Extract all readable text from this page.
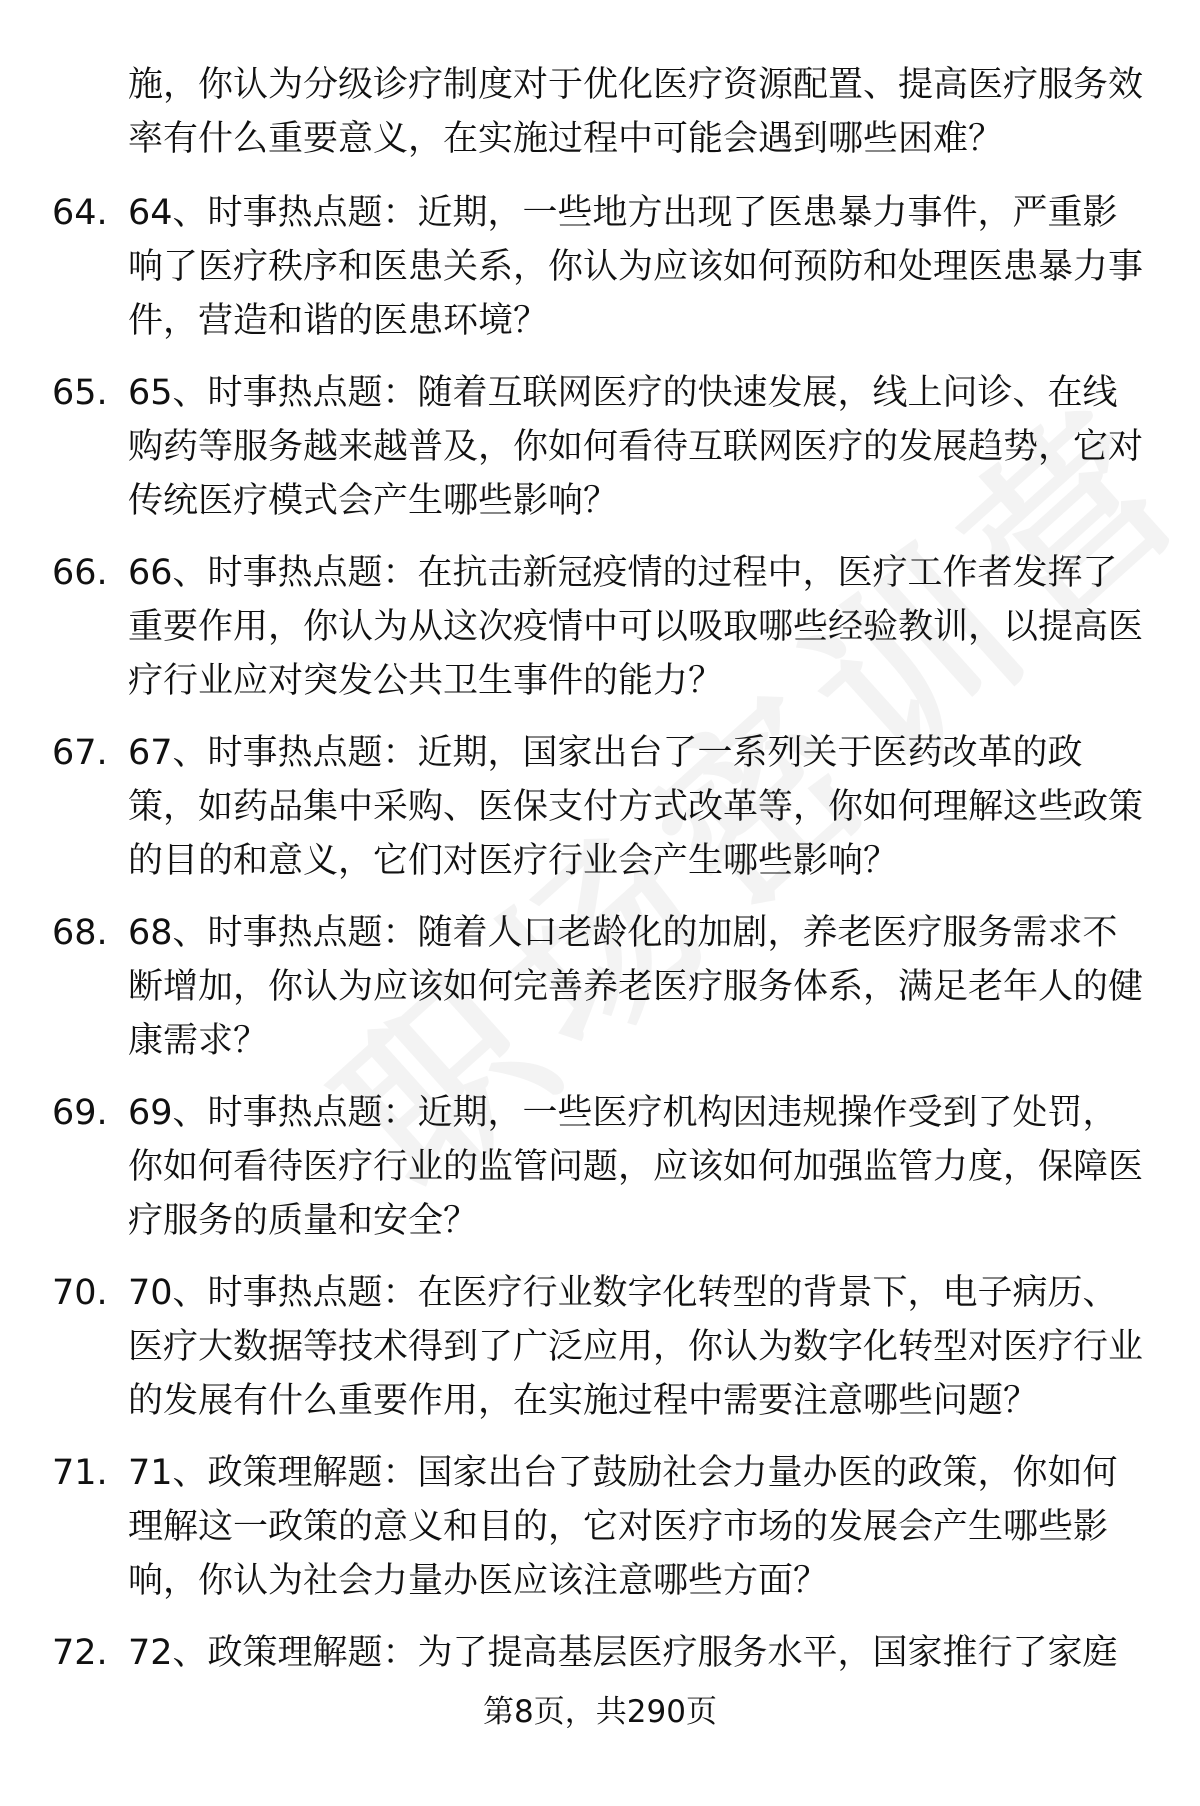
施，你认为分级诊疗制度对于优化医疗资源配置、提高医疗服务效率有什么重要意义，在实施过程中可能会遇到哪些困难？
64. 64、时事热点题：近期，一些地方出现了医患暴力事件，严重影响了医疗秩序和医患关系，你认为应该如何预防和处理医患暴力事件，营造和谐的医患环境？
65. 65、时事热点题：随着互联网医疗的快速发展，线上问诊、在线购药等服务越来越普及，你如何看待互联网医疗的发展趋势，它对传统医疗模式会产生哪些影响？
66. 66、时事热点题：在抗击新冠疫情的过程中，医疗工作者发挥了重要作用，你认为从这次疫情中可以吸取哪些经验教训，以提高医疗行业应对突发公共卫生事件的能力？
67. 67、时事热点题：近期，国家出台了一系列关于医药改革的政策，如药品集中采购、医保支付方式改革等，你如何理解这些政策的目的和意义，它们对医疗行业会产生哪些影响？
68. 68、时事热点题：随着人口老龄化的加剧，养老医疗服务需求不断增加，你认为应该如何完善养老医疗服务体系，满足老年人的健康需求？
69. 69、时事热点题：近期，一些医疗机构因违规操作受到了处罚，你如何看待医疗行业的监管问题，应该如何加强监管力度，保障医疗服务的质量和安全？
70. 70、时事热点题：在医疗行业数字化转型的背景下，电子病历、医疗大数据等技术得到了广泛应用，你认为数字化转型对医疗行业的发展有什么重要作用，在实施过程中需要注意哪些问题？
71. 71、政策理解题：国家出台了鼓励社会力量办医的政策，你如何理解这一政策的意义和目的，它对医疗市场的发展会产生哪些影响，你认为社会力量办医应该注意哪些方面？
72. 72、政策理解题：为了提高基层医疗服务水平，国家推行了家庭
第8页，共290页
